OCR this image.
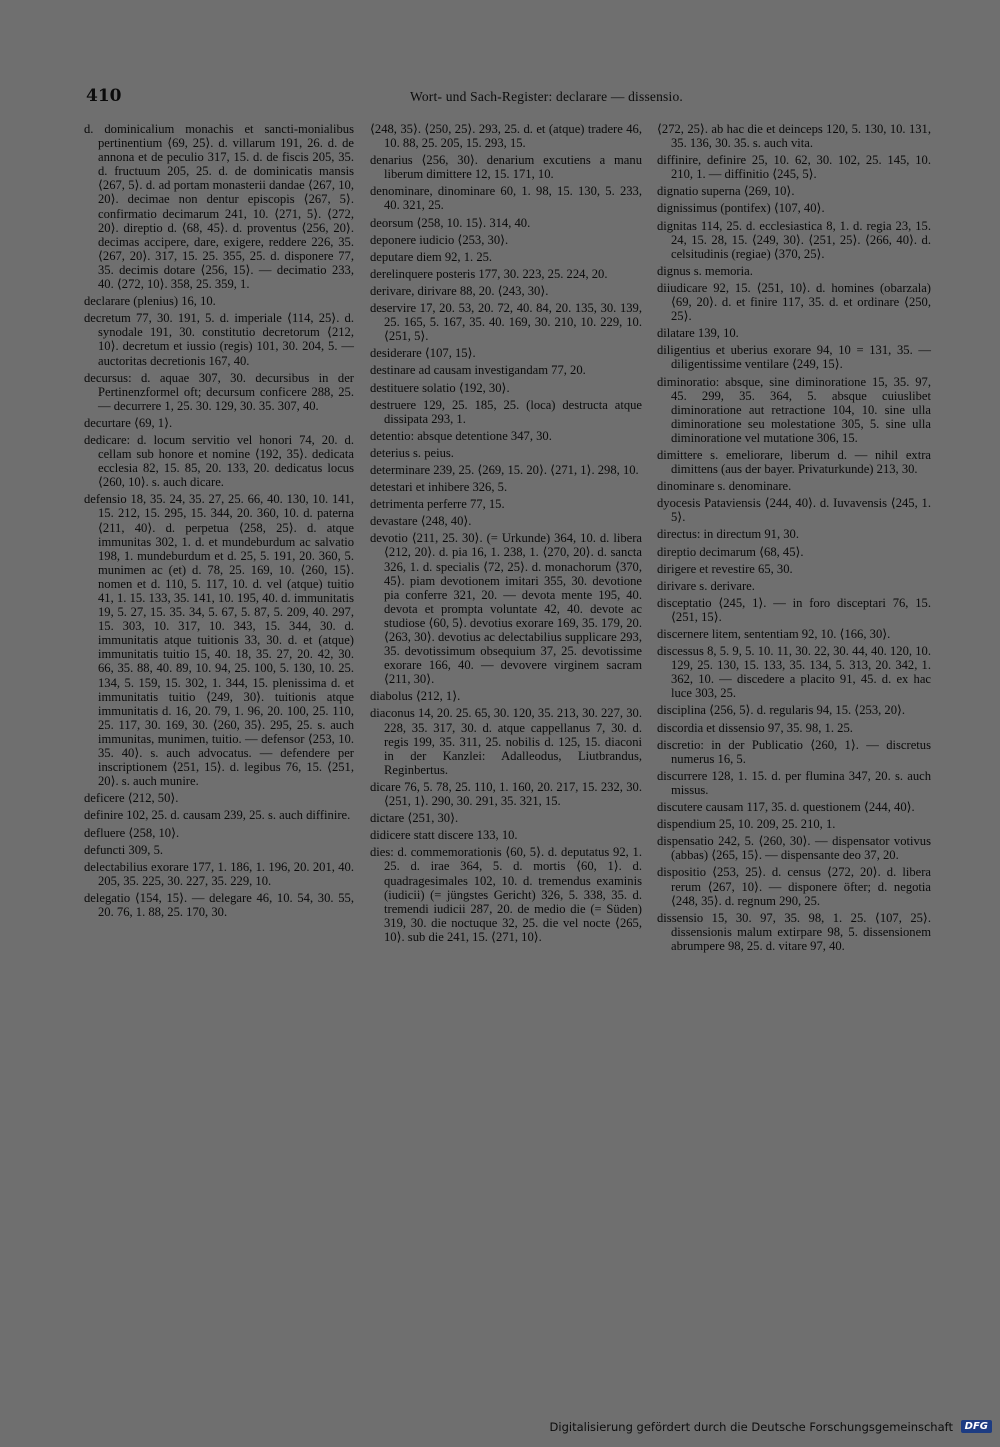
410	Wort- und Sach-Register: declarare — dissensio.

d. dominicalium monachis et sancti-monialibus pertinentium ⟨69, 25⟩. d. villarum 191, 26. d. de annona et de peculio 317, 15. d. de fiscis 205, 35. d. fructuum 205, 25. d. de dominicatis mansis ⟨267, 5⟩. d. ad portam monasterii dandae ⟨267, 10, 20⟩. decimae non dentur episcopis ⟨267, 5⟩. confirmatio decimarum 241, 10. ⟨271, 5⟩. ⟨272, 20⟩. direptio d. ⟨68, 45⟩. d. proventus ⟨256, 20⟩. decimas accipere, dare, exigere, reddere 226, 35. ⟨267, 20⟩. 317, 15. 25. 355, 25. d. disponere 77, 35. decimis dotare ⟨256, 15⟩. — decimatio 233, 40. ⟨272, 10⟩. 358, 25. 359, 1.

declarare (plenius) 16, 10.

decretum 77, 30. 191, 5. d. imperiale ⟨114, 25⟩. d. synodale 191, 30. constitutio decretorum ⟨212, 10⟩. decretum et iussio (regis) 101, 30. 204, 5. — auctoritas decretionis 167, 40.

decursus: d. aquae 307, 30. decursibus in der Pertinenzformel oft; decursum conficere 288, 25. — decurrere 1, 25. 30. 129, 30. 35. 307, 40.

decurtare ⟨69, 1⟩.

dedicare: d. locum servitio vel honori 74, 20. d. cellam sub honore et nomine ⟨192, 35⟩. dedicata ecclesia 82, 15. 85, 20. 133, 20. dedicatus locus ⟨260, 10⟩. s. auch dicare.

defensio 18, 35. 24, 35. 27, 25. 66, 40. 130, 10. 141, 15. 212, 15. 295, 15. 344, 20. 360, 10. d. paterna ⟨211, 40⟩. d. perpetua ⟨258, 25⟩. d. atque immunitas 302, 1. d. et mundeburdum ac salvatio 198, 1. mundeburdum et d. 25, 5. 191, 20. 360, 5. munimen ac (et) d. 78, 25. 169, 10. ⟨260, 15⟩. nomen et d. 110, 5. 117, 10. d. vel (atque) tuitio 41, 1. 15. 133, 35. 141, 10. 195, 40. d. immunitatis 19, 5. 27, 15. 35. 34, 5. 67, 5. 87, 5. 209, 40. 297, 15. 303, 10. 317, 10. 343, 15. 344, 30. d. immunitatis atque tuitionis 33, 30. d. et (atque) immunitatis tuitio 15, 40. 18, 35. 27, 20. 42, 30. 66, 35. 88, 40. 89, 10. 94, 25. 100, 5. 130, 10. 25. 134, 5. 159, 15. 302, 1. 344, 15. plenissima d. et immunitatis tuitio ⟨249, 30⟩. tuitionis atque immunitatis d. 16, 20. 79, 1. 96, 20. 100, 25. 110, 25. 117, 30. 169, 30. ⟨260, 35⟩. 295, 25. s. auch immunitas, munimen, tuitio. — defensor ⟨253, 10. 35. 40⟩. s. auch advocatus. — defendere per inscriptionem ⟨251, 15⟩. d. legibus 76, 15. ⟨251, 20⟩. s. auch munire.

deficere ⟨212, 50⟩.

definire 102, 25. d. causam 239, 25. s. auch diffinire.

defluere ⟨258, 10⟩.

defuncti 309, 5.

delectabilius exorare 177, 1. 186, 1. 196, 20. 201, 40. 205, 35. 225, 30. 227, 35. 229, 10.

delegatio ⟨154, 15⟩. — delegare 46, 10. 54, 30. 55, 20. 76, 1. 88, 25. 170, 30.

⟨248, 35⟩. ⟨250, 25⟩. 293, 25. d. et (atque) tradere 46, 10. 88, 25. 205, 15. 293, 15.

denarius ⟨256, 30⟩. denarium excutiens a manu liberum dimittere 12, 15. 171, 10.

denominare, dinominare 60, 1. 98, 15. 130, 5. 233, 40. 321, 25.

deorsum ⟨258, 10. 15⟩. 314, 40.

deponere iudicio ⟨253, 30⟩.

deputare diem 92, 1. 25.

derelinquere posteris 177, 30. 223, 25. 224, 20.

derivare, dirivare 88, 20. ⟨243, 30⟩.

deservire 17, 20. 53, 20. 72, 40. 84, 20. 135, 30. 139, 25. 165, 5. 167, 35. 40. 169, 30. 210, 10. 229, 10. ⟨251, 5⟩.

desiderare ⟨107, 15⟩.

destinare ad causam investigandam 77, 20.

destituere solatio ⟨192, 30⟩.

destruere 129, 25. 185, 25. (loca) destructa atque dissipata 293, 1.

detentio: absque detentione 347, 30.

deterius s. peius.

determinare 239, 25. ⟨269, 15. 20⟩. ⟨271, 1⟩. 298, 10.

detestari et inhibere 326, 5.

detrimenta perferre 77, 15.

devastare ⟨248, 40⟩.

devotio ⟨211, 25. 30⟩. (= Urkunde) 364, 10. d. libera ⟨212, 20⟩. d. pia 16, 1. 238, 1. ⟨270, 20⟩. d. sancta 326, 1. d. specialis ⟨72, 25⟩. d. monachorum ⟨370, 45⟩. piam devotionem imitari 355, 30. devotione pia conferre 321, 20. — devota mente 195, 40. devota et prompta voluntate 42, 40. devote ac studiose ⟨60, 5⟩. devotius exorare 169, 35. 179, 20. ⟨263, 30⟩. devotius ac delectabilius supplicare 293, 35. devotissimum obsequium 37, 25. devotissime exorare 166, 40. — devovere virginem sacram ⟨211, 30⟩.

diabolus ⟨212, 1⟩.

diaconus 14, 20. 25. 65, 30. 120, 35. 213, 30. 227, 30. 228, 35. 317, 30. d. atque cappellanus 7, 30. d. regis 199, 35. 311, 25. nobilis d. 125, 15. diaconi in der Kanzlei: Adalleodus, Liutbrandus, Reginbertus.

dicare 76, 5. 78, 25. 110, 1. 160, 20. 217, 15. 232, 30. ⟨251, 1⟩. 290, 30. 291, 35. 321, 15.

dictare ⟨251, 30⟩.

didicere statt discere 133, 10.

dies: d. commemorationis ⟨60, 5⟩. d. deputatus 92, 1. 25. d. irae 364, 5. d. mortis ⟨60, 1⟩. d. quadragesimales 102, 10. d. tremendus examinis (iudicii) (= jüngstes Gericht) 326, 5. 338, 35. d. tremendi iudicii 287, 20. de medio die (= Süden) 319, 30. die noctuque 32, 25. die vel nocte ⟨265, 10⟩. sub die 241, 15. ⟨271, 10⟩.

⟨272, 25⟩. ab hac die et deinceps 120, 5. 130, 10. 131, 35. 136, 30. 35. s. auch vita.

diffinire, definire 25, 10. 62, 30. 102, 25. 145, 10. 210, 1. — diffinitio ⟨245, 5⟩.

dignatio superna ⟨269, 10⟩.

dignissimus (pontifex) ⟨107, 40⟩.

dignitas 114, 25. d. ecclesiastica 8, 1. d. regia 23, 15. 24, 15. 28, 15. ⟨249, 30⟩. ⟨251, 25⟩. ⟨266, 40⟩. d. celsitudinis (regiae) ⟨370, 25⟩.

dignus s. memoria.

diiudicare 92, 15. ⟨251, 10⟩. d. homines (obarzala) ⟨69, 20⟩. d. et finire 117, 35. d. et ordinare ⟨250, 25⟩.

dilatare 139, 10.

diligentius et uberius exorare 94, 10 = 131, 35. — diligentissime ventilare ⟨249, 15⟩.

diminoratio: absque, sine diminoratione 15, 35. 97, 45. 299, 35. 364, 5. absque cuiuslibet diminoratione aut retractione 104, 10. sine ulla diminoratione seu molestatione 305, 5. sine ulla diminoratione vel mutatione 306, 15.

dimittere s. emeliorare, liberum d. — nihil extra dimittens (aus der bayer. Privaturkunde) 213, 30.

dinominare s. denominare.

dyocesis Pataviensis ⟨244, 40⟩. d. Iuvavensis ⟨245, 1. 5⟩.

directus: in directum 91, 30.

direptio decimarum ⟨68, 45⟩.

dirigere et revestire 65, 30.

dirivare s. derivare.

disceptatio ⟨245, 1⟩. — in foro disceptari 76, 15. ⟨251, 15⟩.

discernere litem, sententiam 92, 10. ⟨166, 30⟩.

discessus 8, 5. 9, 5. 10. 11, 30. 22, 30. 44, 40. 120, 10. 129, 25. 130, 15. 133, 35. 134, 5. 313, 20. 342, 1. 362, 10. — discedere a placito 91, 45. d. ex hac luce 303, 25.

disciplina ⟨256, 5⟩. d. regularis 94, 15. ⟨253, 20⟩.

discordia et dissensio 97, 35. 98, 1. 25.

discretio: in der Publicatio ⟨260, 1⟩. — discretus numerus 16, 5.

discurrere 128, 1. 15. d. per flumina 347, 20. s. auch missus.

discutere causam 117, 35. d. questionem ⟨244, 40⟩.

dispendium 25, 10. 209, 25. 210, 1.

dispensatio 242, 5. ⟨260, 30⟩. — dispensator votivus (abbas) ⟨265, 15⟩. — dispensante deo 37, 20.

dispositio ⟨253, 25⟩. d. census ⟨272, 20⟩. d. libera rerum ⟨267, 10⟩. — disponere öfter; d. negotia ⟨248, 35⟩. d. regnum 290, 25.

dissensio 15, 30. 97, 35. 98, 1. 25. ⟨107, 25⟩. dissensionis malum extirpare 98, 5. dissensionem abrumpere 98, 25. d. vitare 97, 40.

Digitalisierung gefördert durch die Deutsche Forschungsgemeinschaft DFG
